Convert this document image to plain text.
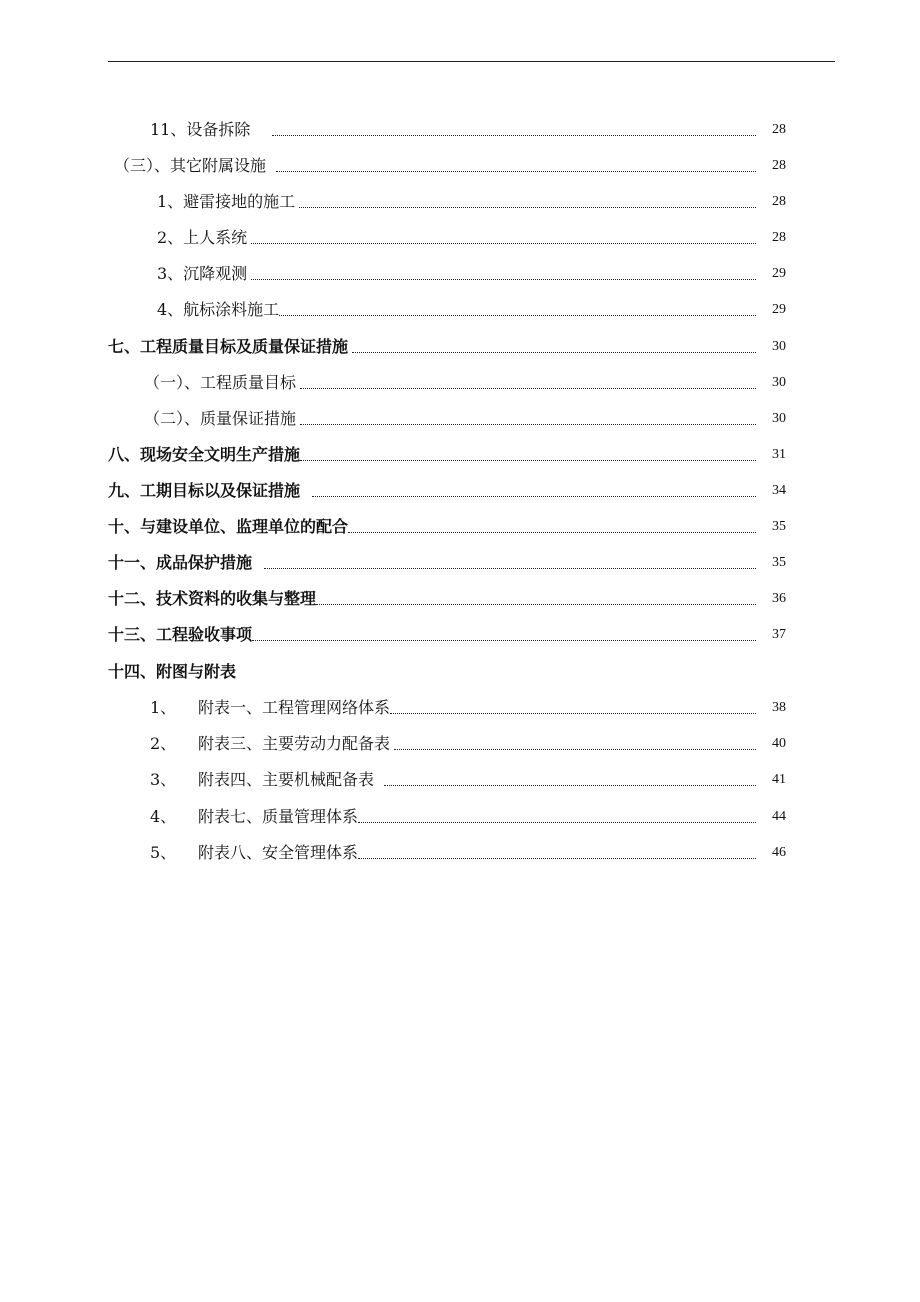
11、设备拆除	28
（三）、其它附属设施	28
1、避雷接地的施工	28
2、上人系统	28
3、沉降观测	29
4、航标涂料施工	29
七、工程质量目标及质量保证措施	30
（一）、工程质量目标	30
（二）、质量保证措施	30
八、现场安全文明生产措施	31
九、工期目标以及保证措施	34
十、与建设单位、监理单位的配合	35
十一、成品保护措施	35
十二、技术资料的收集与整理	36
十三、工程验收事项	37
十四、附图与附表
1、	附表一、工程管理网络体系	38
2、	附表三、主要劳动力配备表	40
3、	附表四、主要机械配备表	41
4、	附表七、质量管理体系	44
5、	附表八、安全管理体系	46
